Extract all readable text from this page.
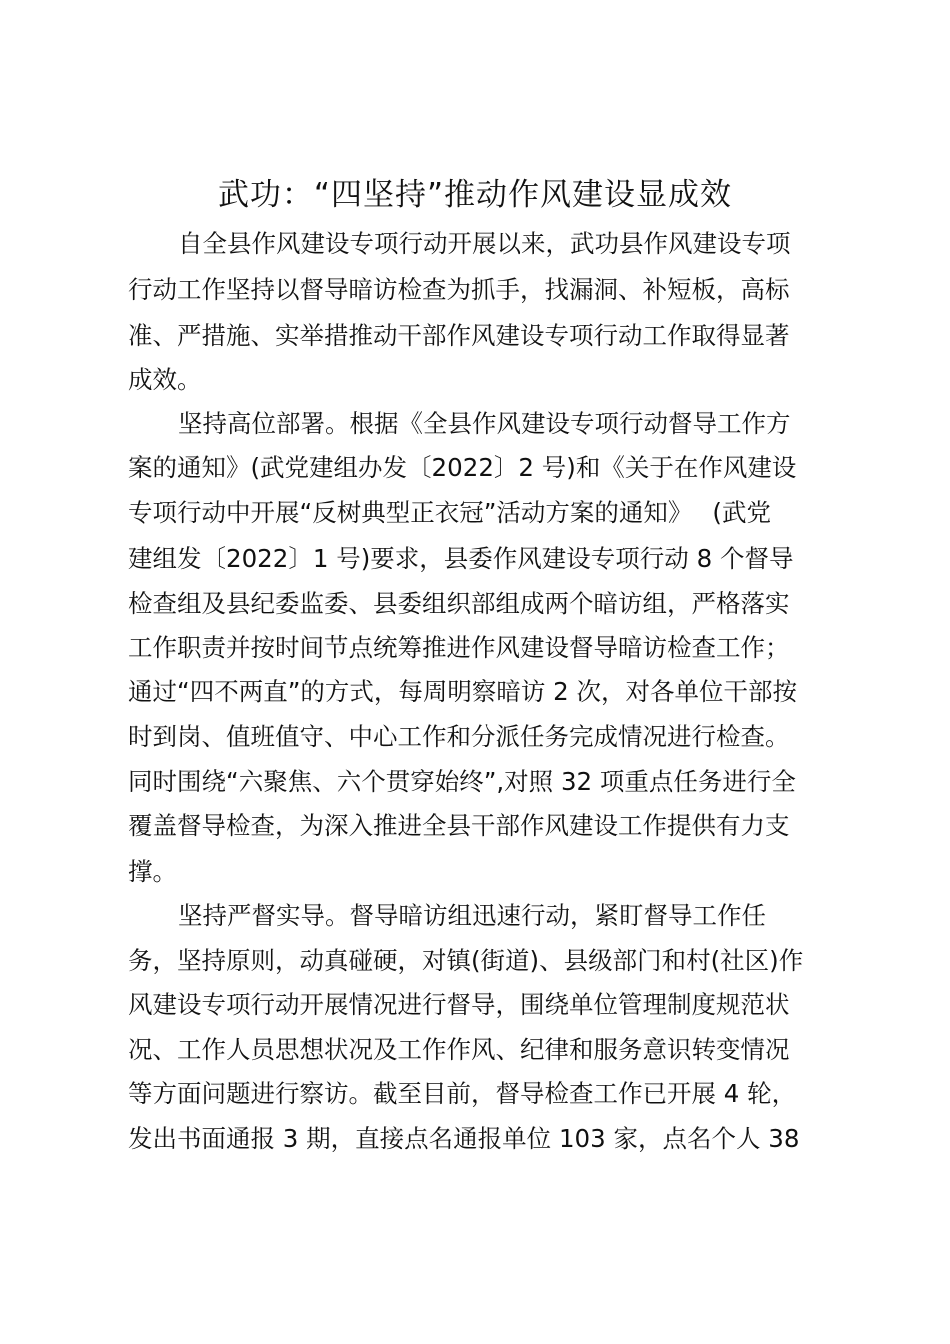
武功：“四坚持”推动作风建设显成效
自全县作风建设专项行动开展以来，武功县作风建设专项
行动工作坚持以督导暗访检查为抓手，找漏洞、补短板，高标
准、严措施、实举措推动干部作风建设专项行动工作取得显著
成效。
坚持高位部署。根据《全县作风建设专项行动督导工作方
案的通知》(武党建组办发〔2022〕2 号)和《关于在作风建设
专项行动中开展“反树典型正衣冠”活动方案的通知》　 (武党
建组发〔2022〕1 号)要求，县委作风建设专项行动 8 个督导
检查组及县纪委监委、县委组织部组成两个暗访组，严格落实
工作职责并按时间节点统筹推进作风建设督导暗访检查工作；
通过“四不两直”的方式，每周明察暗访 2 次，对各单位干部按
时到岗、值班值守、中心工作和分派任务完成情况进行检查。
同时围绕“六聚焦、六个贯穿始终”,对照 32 项重点任务进行全
覆盖督导检查，为深入推进全县干部作风建设工作提供有力支
撑。
坚持严督实导。督导暗访组迅速行动，紧盯督导工作任
务，坚持原则，动真碰硬，对镇(街道)、县级部门和村(社区)作
风建设专项行动开展情况进行督导，围绕单位管理制度规范状
况、工作人员思想状况及工作作风、纪律和服务意识转变情况
等方面问题进行察访。截至目前，督导检查工作已开展 4 轮，
发出书面通报 3 期，直接点名通报单位 103 家，点名个人 38
